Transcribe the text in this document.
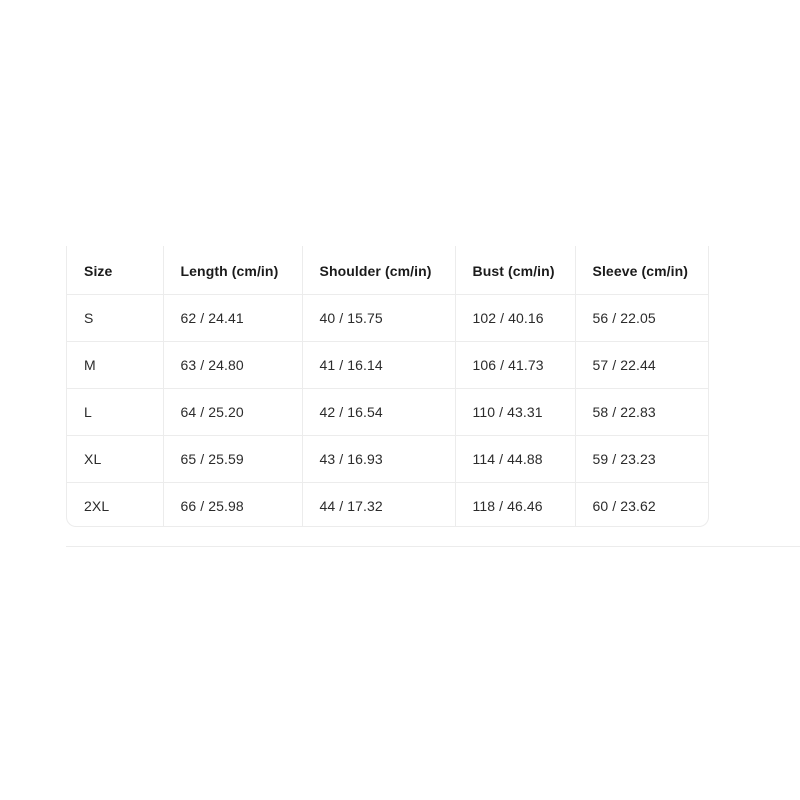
Size	Length (cm/in)	Shoulder (cm/in)	Bust (cm/in)	Sleeve (cm/in)
S	62 / 24.41	40 / 15.75	102 / 40.16	56 / 22.05
M	63 / 24.80	41 / 16.14	106 / 41.73	57 / 22.44
L	64 / 25.20	42 / 16.54	110 / 43.31	58 / 22.83
XL	65 / 25.59	43 / 16.93	114 / 44.88	59 / 23.23
2XL	66 / 25.98	44 / 17.32	118 / 46.46	60 / 23.62
